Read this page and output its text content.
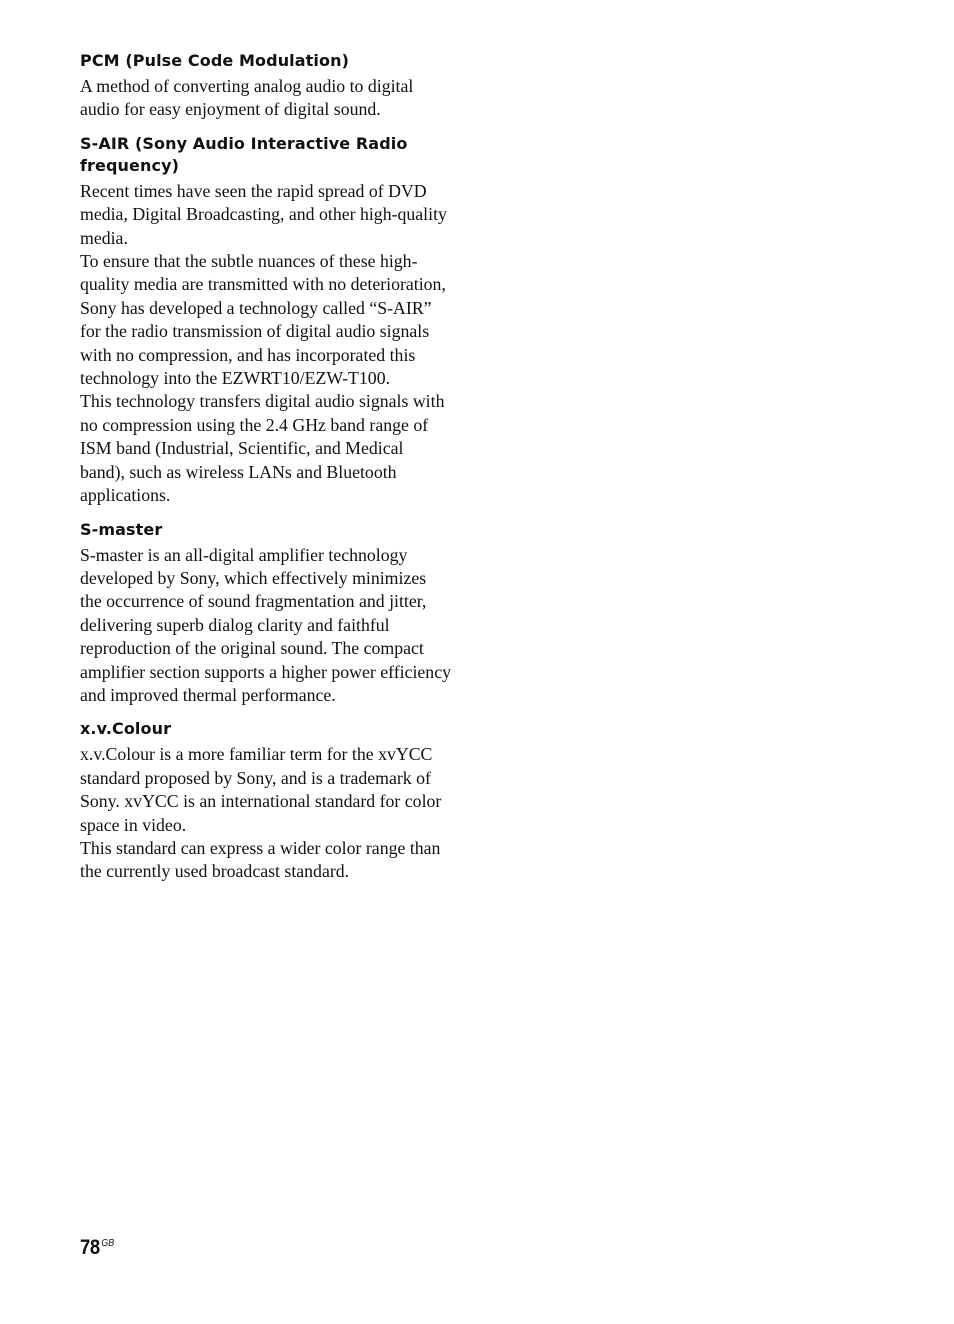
PCM (Pulse Code Modulation)

A method of converting analog audio to digital audio for easy enjoyment of digital sound.

S-AIR (Sony Audio Interactive Radio frequency)

Recent times have seen the rapid spread of DVD media, Digital Broadcasting, and other high-quality media.

To ensure that the subtle nuances of these high-quality media are transmitted with no deterioration, Sony has developed a technology called “S-AIR” for the radio transmission of digital audio signals with no compression, and has incorporated this technology into the EZWRT10/EZW-T100.

This technology transfers digital audio signals with no compression using the 2.4 GHz band range of ISM band (Industrial, Scientific, and Medical band), such as wireless LANs and Bluetooth applications.

S-master

S-master is an all-digital amplifier technology developed by Sony, which effectively minimizes the occurrence of sound fragmentation and jitter, delivering superb dialog clarity and faithful reproduction of the original sound. The compact amplifier section supports a higher power efficiency and improved thermal performance.

x.v.Colour

x.v.Colour is a more familiar term for the xvYCC standard proposed by Sony, and is a trademark of Sony. xvYCC is an international standard for color space in video.

This standard can express a wider color range than the currently used broadcast standard.

78 $^{GB}$
